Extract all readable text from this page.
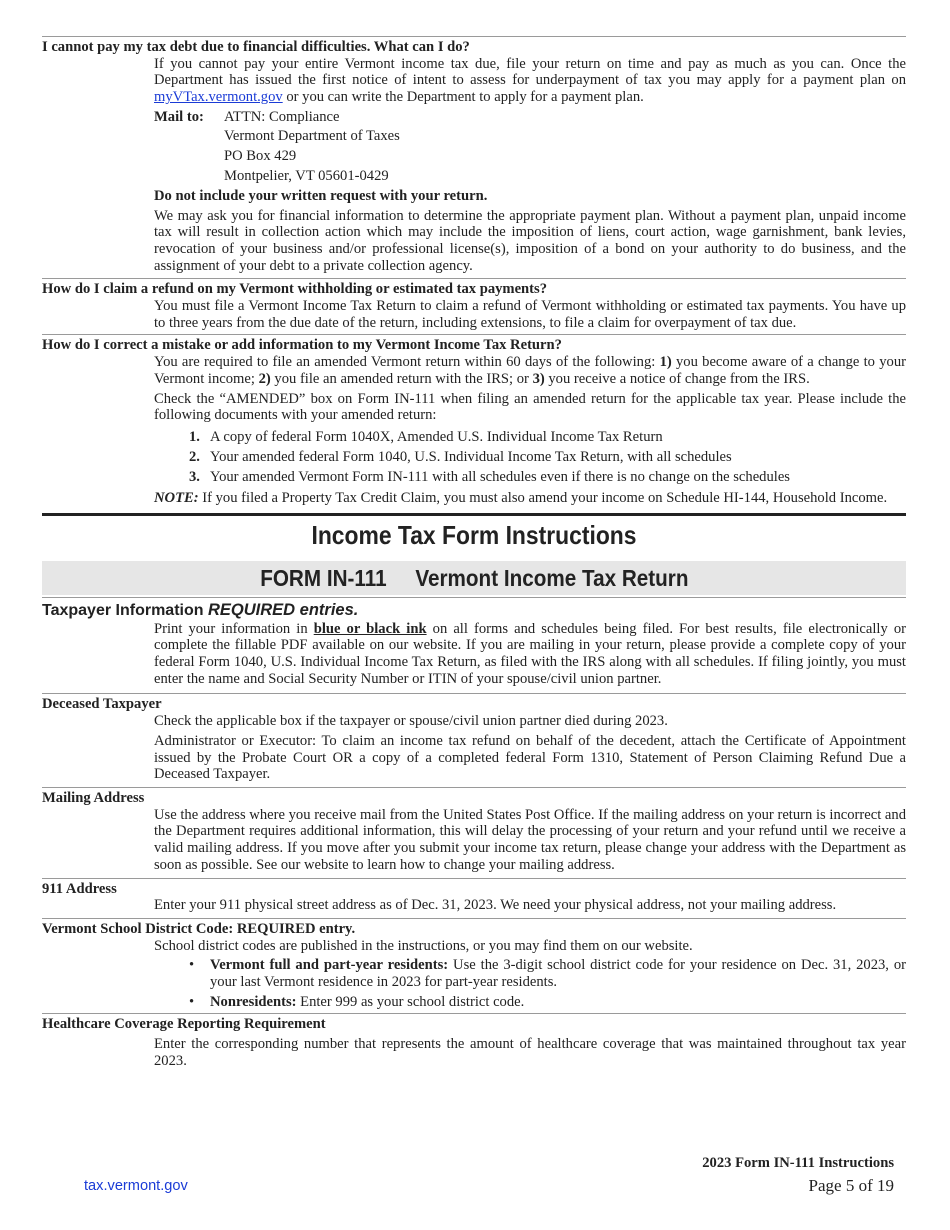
I cannot pay my tax debt due to financial difficulties. What can I do?

If you cannot pay your entire Vermont income tax due, file your return on time and pay as much as you can. Once the Department has issued the first notice of intent to assess for underpayment of tax you may apply for a payment plan on myVTax.vermont.gov or you can write the Department to apply for a payment plan.

Mail to:	ATTN: Compliance
Vermont Department of Taxes
PO Box 429
Montpelier, VT 05601-0429

Do not include your written request with your return.

We may ask you for financial information to determine the appropriate payment plan. Without a payment plan, unpaid income tax will result in collection action which may include the imposition of liens, court action, wage garnishment, bank levies, revocation of your business and/or professional license(s), imposition of a bond on your authority to do business, and the assignment of your debt to a private collection agency.

How do I claim a refund on my Vermont withholding or estimated tax payments?

You must file a Vermont Income Tax Return to claim a refund of Vermont withholding or estimated tax payments. You have up to three years from the due date of the return, including extensions, to file a claim for overpayment of tax due.

How do I correct a mistake or add information to my Vermont Income Tax Return?

You are required to file an amended Vermont return within 60 days of the following: 1) you become aware of a change to your Vermont income; 2) you file an amended return with the IRS; or 3) you receive a notice of change from the IRS.

Check the “AMENDED” box on Form IN-111 when filing an amended return for the applicable tax year. Please include the following documents with your amended return:

1. A copy of federal Form 1040X, Amended U.S. Individual Income Tax Return
2. Your amended federal Form 1040, U.S. Individual Income Tax Return, with all schedules
3. Your amended Vermont Form IN-111 with all schedules even if there is no change on the schedules

NOTE: If you filed a Property Tax Credit Claim, you must also amend your income on Schedule HI-144, Household Income.

Income Tax Form Instructions
FORM IN-111     Vermont Income Tax Return
Taxpayer Information REQUIRED entries.

Print your information in blue or black ink on all forms and schedules being filed. For best results, file electronically or complete the fillable PDF available on our website. If you are mailing in your return, please provide a complete copy of your federal Form 1040, U.S. Individual Income Tax Return, as filed with the IRS along with all schedules. If filing jointly, you must enter the name and Social Security Number or ITIN of your spouse/civil union partner.

Deceased Taxpayer

Check the applicable box if the taxpayer or spouse/civil union partner died during 2023.

Administrator or Executor: To claim an income tax refund on behalf of the decedent, attach the Certificate of Appointment issued by the Probate Court OR a copy of a completed federal Form 1310, Statement of Person Claiming Refund Due a Deceased Taxpayer.

Mailing Address

Use the address where you receive mail from the United States Post Office. If the mailing address on your return is incorrect and the Department requires additional information, this will delay the processing of your return and your refund until we receive a valid mailing address. If you move after you submit your income tax return, please change your address with the Department as soon as possible. See our website to learn how to change your mailing address.

911 Address

Enter your 911 physical street address as of Dec. 31, 2023. We need your physical address, not your mailing address.

Vermont School District Code: REQUIRED entry.

School district codes are published in the instructions, or you may find them on our website.

• Vermont full and part-year residents: Use the 3-digit school district code for your residence on Dec. 31, 2023, or your last Vermont residence in 2023 for part-year residents.
• Nonresidents: Enter 999 as your school district code.

Healthcare Coverage Reporting Requirement

Enter the corresponding number that represents the amount of healthcare coverage that was maintained throughout tax year 2023.

2023 Form IN-111 Instructions
Page 5 of 19
tax.vermont.gov
